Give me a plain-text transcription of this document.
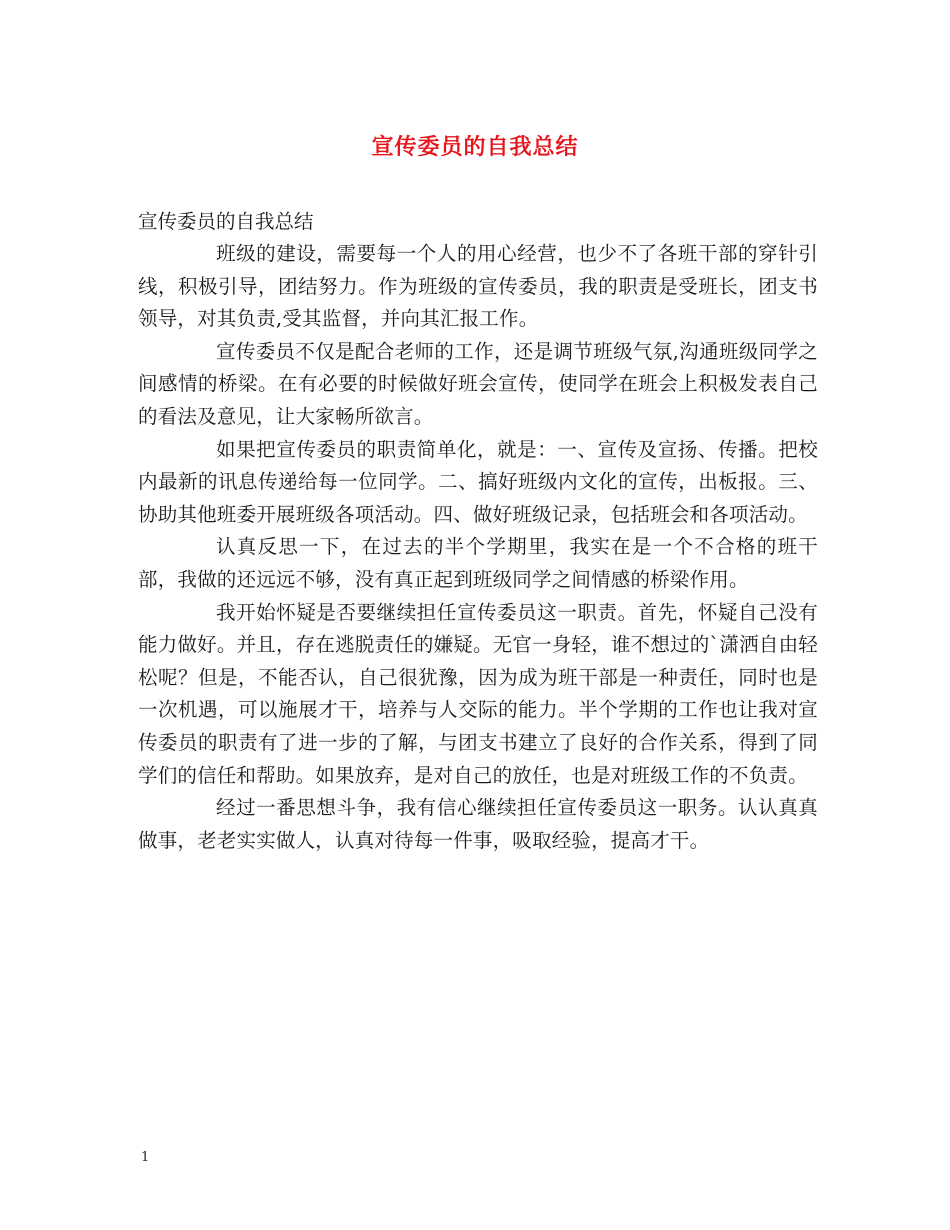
宣传委员的自我总结

宣传委员的自我总结

班级的建设，需要每一个人的用心经营，也少不了各班干部的穿针引线，积极引导，团结努力。作为班级的宣传委员，我的职责是受班长，团支书领导，对其负责,受其监督，并向其汇报工作。

宣传委员不仅是配合老师的工作，还是调节班级气氛,沟通班级同学之间感情的桥梁。在有必要的时候做好班会宣传，使同学在班会上积极发表自己的看法及意见，让大家畅所欲言。

如果把宣传委员的职责简单化，就是：一、宣传及宣扬、传播。把校内最新的讯息传递给每一位同学。二、搞好班级内文化的宣传，出板报。三、协助其他班委开展班级各项活动。四、做好班级记录，包括班会和各项活动。

认真反思一下，在过去的半个学期里，我实在是一个不合格的班干部，我做的还远远不够，没有真正起到班级同学之间情感的桥梁作用。

我开始怀疑是否要继续担任宣传委员这一职责。首先，怀疑自己没有能力做好。并且，存在逃脱责任的嫌疑。无官一身轻，谁不想过的`潇洒自由轻松呢？但是，不能否认，自己很犹豫，因为成为班干部是一种责任，同时也是一次机遇，可以施展才干，培养与人交际的能力。半个学期的工作也让我对宣传委员的职责有了进一步的了解，与团支书建立了良好的合作关系，得到了同学们的信任和帮助。如果放弃，是对自己的放任，也是对班级工作的不负责。

经过一番思想斗争，我有信心继续担任宣传委员这一职务。认认真真做事，老老实实做人，认真对待每一件事，吸取经验，提高才干。

1
